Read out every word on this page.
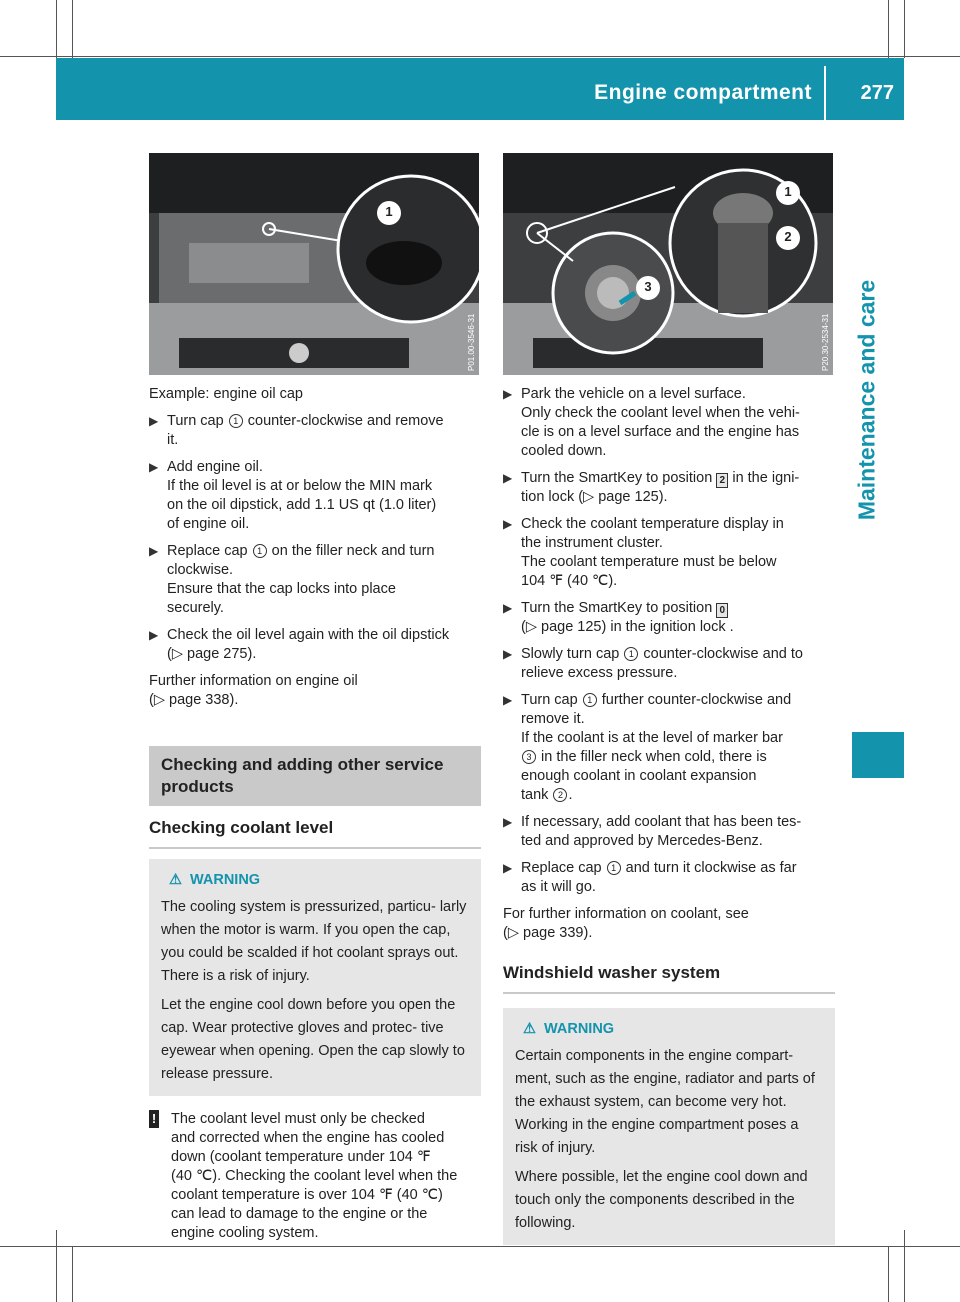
Engine compartment 277
Maintenance and care
1
P01.00-3546-31
1
2
3
P20.30-2534-31

Example: engine oil cap

▶ Turn cap 1 counter-clockwise and remove
it.
▶ Add engine oil.
If the oil level is at or below the MIN mark
on the oil dipstick, add 1.1 US qt (1.0 liter)
of engine oil.
▶ Replace cap 1 on the filler neck and turn
clockwise.
Ensure that the cap locks into place
securely.
▶ Check the oil level again with the oil dipstick
(▷ page 275).

Further information on engine oil
(▷ page 338).

Checking and adding other service
products
Checking coolant level
⚠ WARNING

The cooling system is pressurized, particu- larly when the motor is warm. If you open the cap, you could be scalded if hot coolant sprays out. There is a risk of injury.

Let the engine cool down before you open the cap. Wear protective gloves and protec- tive eyewear when opening. Open the cap slowly to release pressure.

! The coolant level must only be checked
and corrected when the engine has cooled
down (coolant temperature under 104 ℉
(40 ℃). Checking the coolant level when the
coolant temperature is over 104 ℉ (40 ℃)
can lead to damage to the engine or the
engine cooling system.
▶ Park the vehicle on a level surface.
Only check the coolant level when the vehi-
cle is on a level surface and the engine has
cooled down.
▶ Turn the SmartKey to position 2 in the igni-
tion lock (▷ page 125).
▶ Check the coolant temperature display in
the instrument cluster.
The coolant temperature must be below
104 ℉ (40 ℃).
▶ Turn the SmartKey to position 0
(▷ page 125) in the ignition lock .
▶ Slowly turn cap 1 counter-clockwise and to
relieve excess pressure.
▶ Turn cap 1 further counter-clockwise and
remove it.
If the coolant is at the level of marker bar
3 in the filler neck when cold, there is
enough coolant in coolant expansion
tank 2 .
▶ If necessary, add coolant that has been tes-
ted and approved by Mercedes-Benz.
▶ Replace cap 1 and turn it clockwise as far
as it will go.

For further information on coolant, see
(▷ page 339).

Windshield washer system
⚠ WARNING

Certain components in the engine compart- ment, such as the engine, radiator and parts of the exhaust system, can become very hot. Working in the engine compartment poses a risk of injury.

Where possible, let the engine cool down and touch only the components described in the following.
